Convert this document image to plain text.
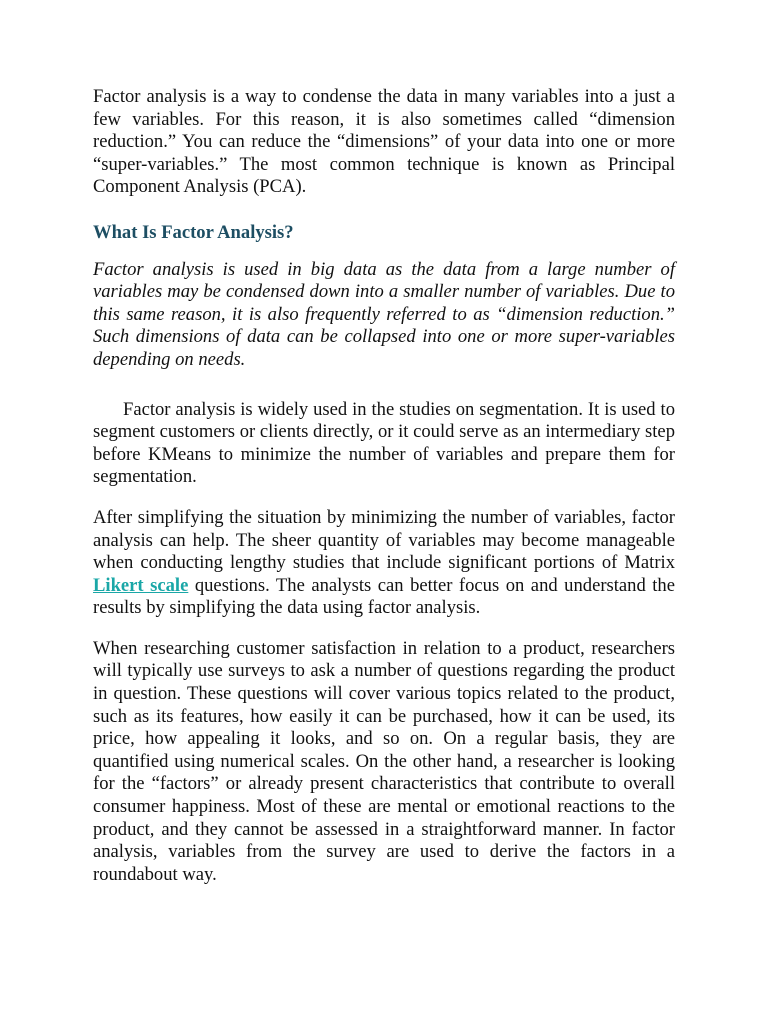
Factor analysis is a way to condense the data in many variables into a just a few variables. For this reason, it is also sometimes called “dimension reduction.” You can reduce the “dimensions” of your data into one or more “super-variables.” The most common technique is known as Principal Component Analysis (PCA).

What Is Factor Analysis?

Factor analysis is used in big data as the data from a large number of variables may be condensed down into a smaller number of variables. Due to this same reason, it is also frequently referred to as “dimension reduction.” Such dimensions of data can be collapsed into one or more super-variables depending on needs.

Factor analysis is widely used in the studies on segmentation. It is used to segment customers or clients directly, or it could serve as an intermediary step before KMeans to minimize the number of variables and prepare them for segmentation.

After simplifying the situation by minimizing the number of variables, factor analysis can help. The sheer quantity of variables may become manageable when conducting lengthy studies that include significant portions of Matrix Likert scale questions. The analysts can better focus on and understand the results by simplifying the data using factor analysis.

When researching customer satisfaction in relation to a product, researchers will typically use surveys to ask a number of questions regarding the product in question. These questions will cover various topics related to the product, such as its features, how easily it can be purchased, how it can be used, its price, how appealing it looks, and so on. On a regular basis, they are quantified using numerical scales. On the other hand, a researcher is looking for the “factors” or already present characteristics that contribute to overall consumer happiness. Most of these are mental or emotional reactions to the product, and they cannot be assessed in a straightforward manner. In factor analysis, variables from the survey are used to derive the factors in a roundabout way.
